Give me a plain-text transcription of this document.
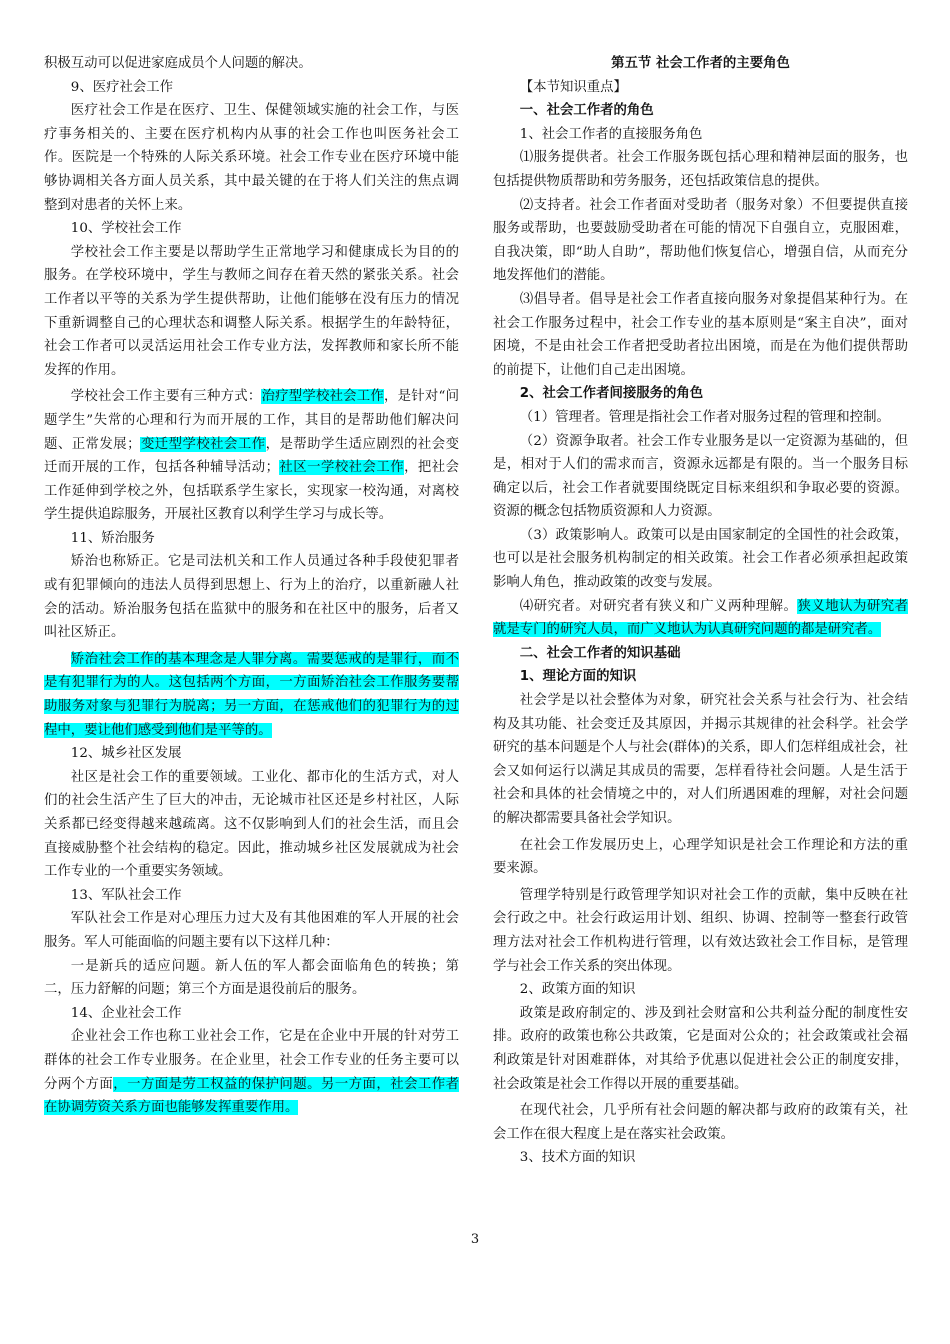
积极互动可以促进家庭成员个人问题的解决。

9、医疗社会工作

医疗社会工作是在医疗、卫生、保健领域实施的社会工作，与医疗事务相关的、主要在医疗机构内从事的社会工作也叫医务社会工作。医院是一个特殊的人际关系环境。社会工作专业在医疗环境中能够协调相关各方面人员关系，其中最关键的在于将人们关注的焦点调整到对患者的关怀上来。

10、学校社会工作

学校社会工作主要是以帮助学生正常地学习和健康成长为目的的服务。在学校环境中，学生与教师之间存在着天然的紧张关系。社会工作者以平等的关系为学生提供帮助，让他们能够在没有压力的情况下重新调整自己的心理状态和调整人际关系。根据学生的年龄特征，社会工作者可以灵活运用社会工作专业方法，发挥教师和家长所不能发挥的作用。

学校社会工作主要有三种方式：治疗型学校社会工作，是针对“问题学生”失常的心理和行为而开展的工作，其目的是帮助他们解决问题、正常发展；变迁型学校社会工作，是帮助学生适应剧烈的社会变迁而开展的工作，包括各种辅导活动；社区一学校社会工作，把社会工作延伸到学校之外，包括联系学生家长，实现家一校沟通，对离校学生提供追踪服务，开展社区教育以利学生学习与成长等。

11、矫治服务

矫治也称矫正。它是司法机关和工作人员通过各种手段使犯罪者或有犯罪倾向的违法人员得到思想上、行为上的治疗，以重新融人社会的活动。矫治服务包括在监狱中的服务和在社区中的服务，后者又叫社区矫正。

矫治社会工作的基本理念是人罪分离。需要惩戒的是罪行，而不是有犯罪行为的人。这包括两个方面，一方面矫治社会工作服务要帮助服务对象与犯罪行为脱离；另一方面，在惩戒他们的犯罪行为的过程中，要让他们感受到他们是平等的。

12、城乡社区发展

社区是社会工作的重要领域。工业化、都市化的生活方式，对人们的社会生活产生了巨大的冲击，无论城市社区还是乡村社区，人际关系都已经变得越来越疏离。这不仅影响到人们的社会生活，而且会直接威胁整个社会结构的稳定。因此，推动城乡社区发展就成为社会工作专业的一个重要实务领域。

13、军队社会工作

军队社会工作是对心理压力过大及有其他困难的军人开展的社会服务。军人可能面临的问题主要有以下这样几种：

一是新兵的适应问题。新人伍的军人都会面临角色的转换；第二，压力舒解的问题；第三个方面是退役前后的服务。

14、企业社会工作

企业社会工作也称工业社会工作，它是在企业中开展的针对劳工群体的社会工作专业服务。在企业里，社会工作专业的任务主要可以分两个方面，一方面是劳工权益的保护问题。另一方面，社会工作者在协调劳资关系方面也能够发挥重要作用。

第五节 社会工作者的主要角色

【本节知识重点】

一、社会工作者的角色

1、社会工作者的直接服务角色

⑴服务提供者。社会工作服务既包括心理和精神层面的服务，也包括提供物质帮助和劳务服务，还包括政策信息的提供。

⑵支持者。社会工作者面对受助者（服务对象）不但要提供直接服务或帮助，也要鼓励受助者在可能的情况下自强自立，克服困难，自我决策，即“助人自助”，帮助他们恢复信心，增强自信，从而充分地发挥他们的潜能。

⑶倡导者。倡导是社会工作者直接向服务对象提倡某种行为。在社会工作服务过程中，社会工作专业的基本原则是“案主自决”，面对困境，不是由社会工作者把受助者拉出困境，而是在为他们提供帮助的前提下，让他们自己走出困境。

2、社会工作者间接服务的角色

（1）管理者。管理是指社会工作者对服务过程的管理和控制。

（2）资源争取者。社会工作专业服务是以一定资源为基础的，但是，相对于人们的需求而言，资源永远都是有限的。当一个服务目标确定以后，社会工作者就要围绕既定目标来组织和争取必要的资源。资源的概念包括物质资源和人力资源。

（3）政策影响人。政策可以是由国家制定的全国性的社会政策，也可以是社会服务机构制定的相关政策。社会工作者必须承担起政策影响人角色，推动政策的改变与发展。

⑷研究者。对研究者有狭义和广义两种理解。狭义地认为研究者就是专门的研究人员，而广义地认为认真研究问题的都是研究者。

二、社会工作者的知识基础

1、理论方面的知识

社会学是以社会整体为对象，研究社会关系与社会行为、社会结构及其功能、社会变迁及其原因，并揭示其规律的社会科学。社会学研究的基本问题是个人与社会(群体)的关系，即人们怎样组成社会，社会又如何运行以满足其成员的需要，怎样看待社会问题。人是生活于社会和具体的社会情境之中的，对人们所遇困难的理解，对社会问题的解决都需要具备社会学知识。

在社会工作发展历史上，心理学知识是社会工作理论和方法的重要来源。

管理学特别是行政管理学知识对社会工作的贡献，集中反映在社会行政之中。社会行政运用计划、组织、协调、控制等一整套行政管理方法对社会工作机构进行管理，以有效达致社会工作目标，是管理学与社会工作关系的突出体现。

2、政策方面的知识

政策是政府制定的、涉及到社会财富和公共利益分配的制度性安排。政府的政策也称公共政策，它是面对公众的；社会政策或社会福利政策是针对困难群体，对其给予优惠以促进社会公正的制度安排，社会政策是社会工作得以开展的重要基础。

在现代社会，几乎所有社会问题的解决都与政府的政策有关，社会工作在很大程度上是在落实社会政策。

3、技术方面的知识

3
